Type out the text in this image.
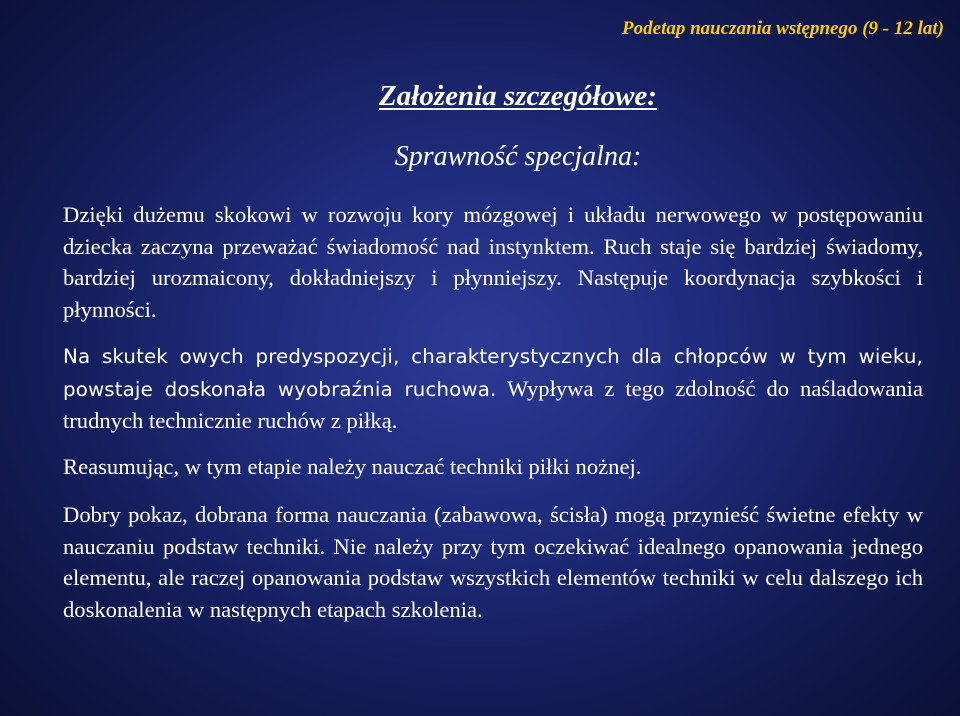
Podetap nauczania wstępnego (9 - 12 lat)
Założenia szczegółowe:
Sprawność specjalna:

Dzięki dużemu skokowi w rozwoju kory mózgowej i układu nerwowego w postępowaniu dziecka zaczyna przeważać świadomość nad instynktem. Ruch staje się bardziej świadomy, bardziej urozmaicony, dokładniejszy i płynniejszy. Następuje koordynacja szybkości i płynności.

Na skutek owych predyspozycji, charakterystycznych dla chłopców w tym wieku, powstaje doskonała wyobraźnia ruchowa. Wypływa z tego zdolność do naśladowania trudnych technicznie ruchów z piłką.

Reasumując, w tym etapie należy nauczać techniki piłki nożnej.

Dobry pokaz, dobrana forma nauczania (zabawowa, ścisła) mogą przynieść świetne efekty w nauczaniu podstaw techniki. Nie należy przy tym oczekiwać idealnego opanowania jednego elementu, ale raczej opanowania podstaw wszystkich elementów techniki w celu dalszego ich doskonalenia w następnych etapach szkolenia.
